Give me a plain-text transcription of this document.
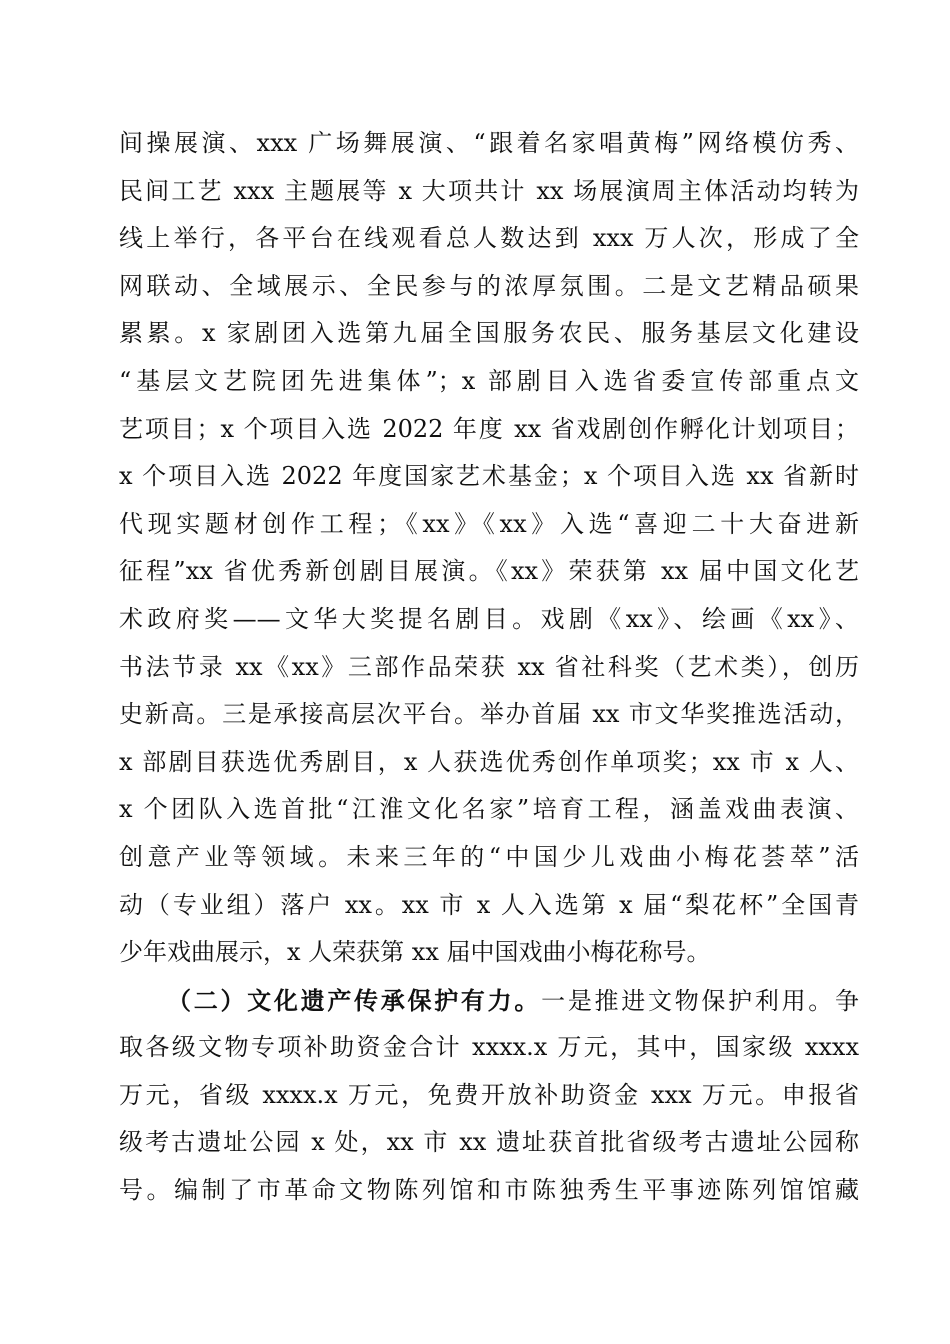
间操展演、xxx 广场舞展演、“跟着名家唱黄梅”网络模仿秀、
民间工艺 xxx 主题展等 x 大项共计 xx 场展演周主体活动均转为
线上举行，各平台在线观看总人数达到 xxx 万人次，形成了全
网联动、全域展示、全民参与的浓厚氛围。二是文艺精品硕果
累累。x 家剧团入选第九届全国服务农民、服务基层文化建设
“基层文艺院团先进集体”；x 部剧目入选省委宣传部重点文
艺项目；x 个项目入选 2022 年度 xx 省戏剧创作孵化计划项目；
x 个项目入选 2022 年度国家艺术基金；x 个项目入选 xx 省新时
代现实题材创作工程；《xx》《xx》入选“喜迎二十大奋进新
征程”xx 省优秀新创剧目展演。《xx》荣获第 xx 届中国文化艺
术政府奖——文华大奖提名剧目。戏剧《xx》、绘画《xx》、
书法节录 xx《xx》三部作品荣获 xx 省社科奖（艺术类），创历
史新高。三是承接高层次平台。举办首届 xx 市文华奖推选活动，
x 部剧目获选优秀剧目，x 人获选优秀创作单项奖；xx 市 x 人、
x 个团队入选首批“江淮文化名家”培育工程，涵盖戏曲表演、
创意产业等领域。未来三年的“中国少儿戏曲小梅花荟萃”活
动（专业组）落户 xx。xx 市 x 人入选第 x 届“梨花杯”全国青
少年戏曲展示，x 人荣获第 xx 届中国戏曲小梅花称号。
（二）文化遗产传承保护有力。一是推进文物保护利用。争
取各级文物专项补助资金合计 xxxx.x 万元，其中，国家级 xxxx
万元，省级 xxxx.x 万元，免费开放补助资金 xxx 万元。申报省
级考古遗址公园 x 处，xx 市 xx 遗址获首批省级考古遗址公园称
号。编制了市革命文物陈列馆和市陈独秀生平事迹陈列馆馆藏
